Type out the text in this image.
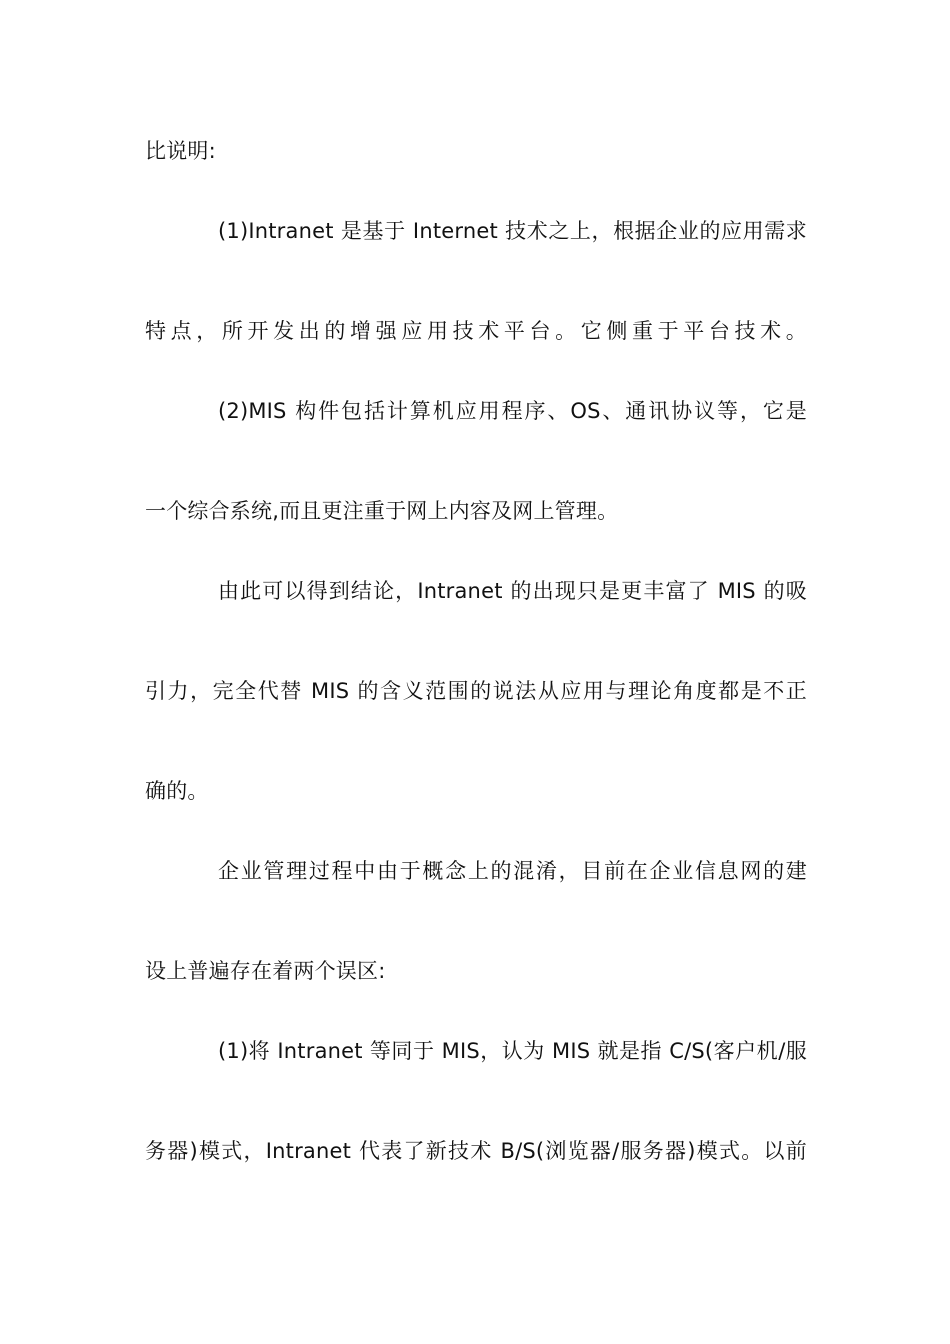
比说明:
(1)Intranet 是基于 Internet 技术之上，根据企业的应用需求
特点，所开发出的增强应用技术平台。它侧重于平台技术。
(2)MIS 构件包括计算机应用程序、OS、通讯协议等，它是
一个综合系统,而且更注重于网上内容及网上管理。
由此可以得到结论，Intranet 的出现只是更丰富了 MIS 的吸
引力，完全代替 MIS 的含义范围的说法从应用与理论角度都是不正
确的。
企业管理过程中由于概念上的混淆，目前在企业信息网的建
设上普遍存在着两个误区:
(1)将 Intranet 等同于 MIS，认为 MIS 就是指 C/S(客户机/服
务器)模式，Intranet 代表了新技术 B/S(浏览器/服务器)模式。以前
